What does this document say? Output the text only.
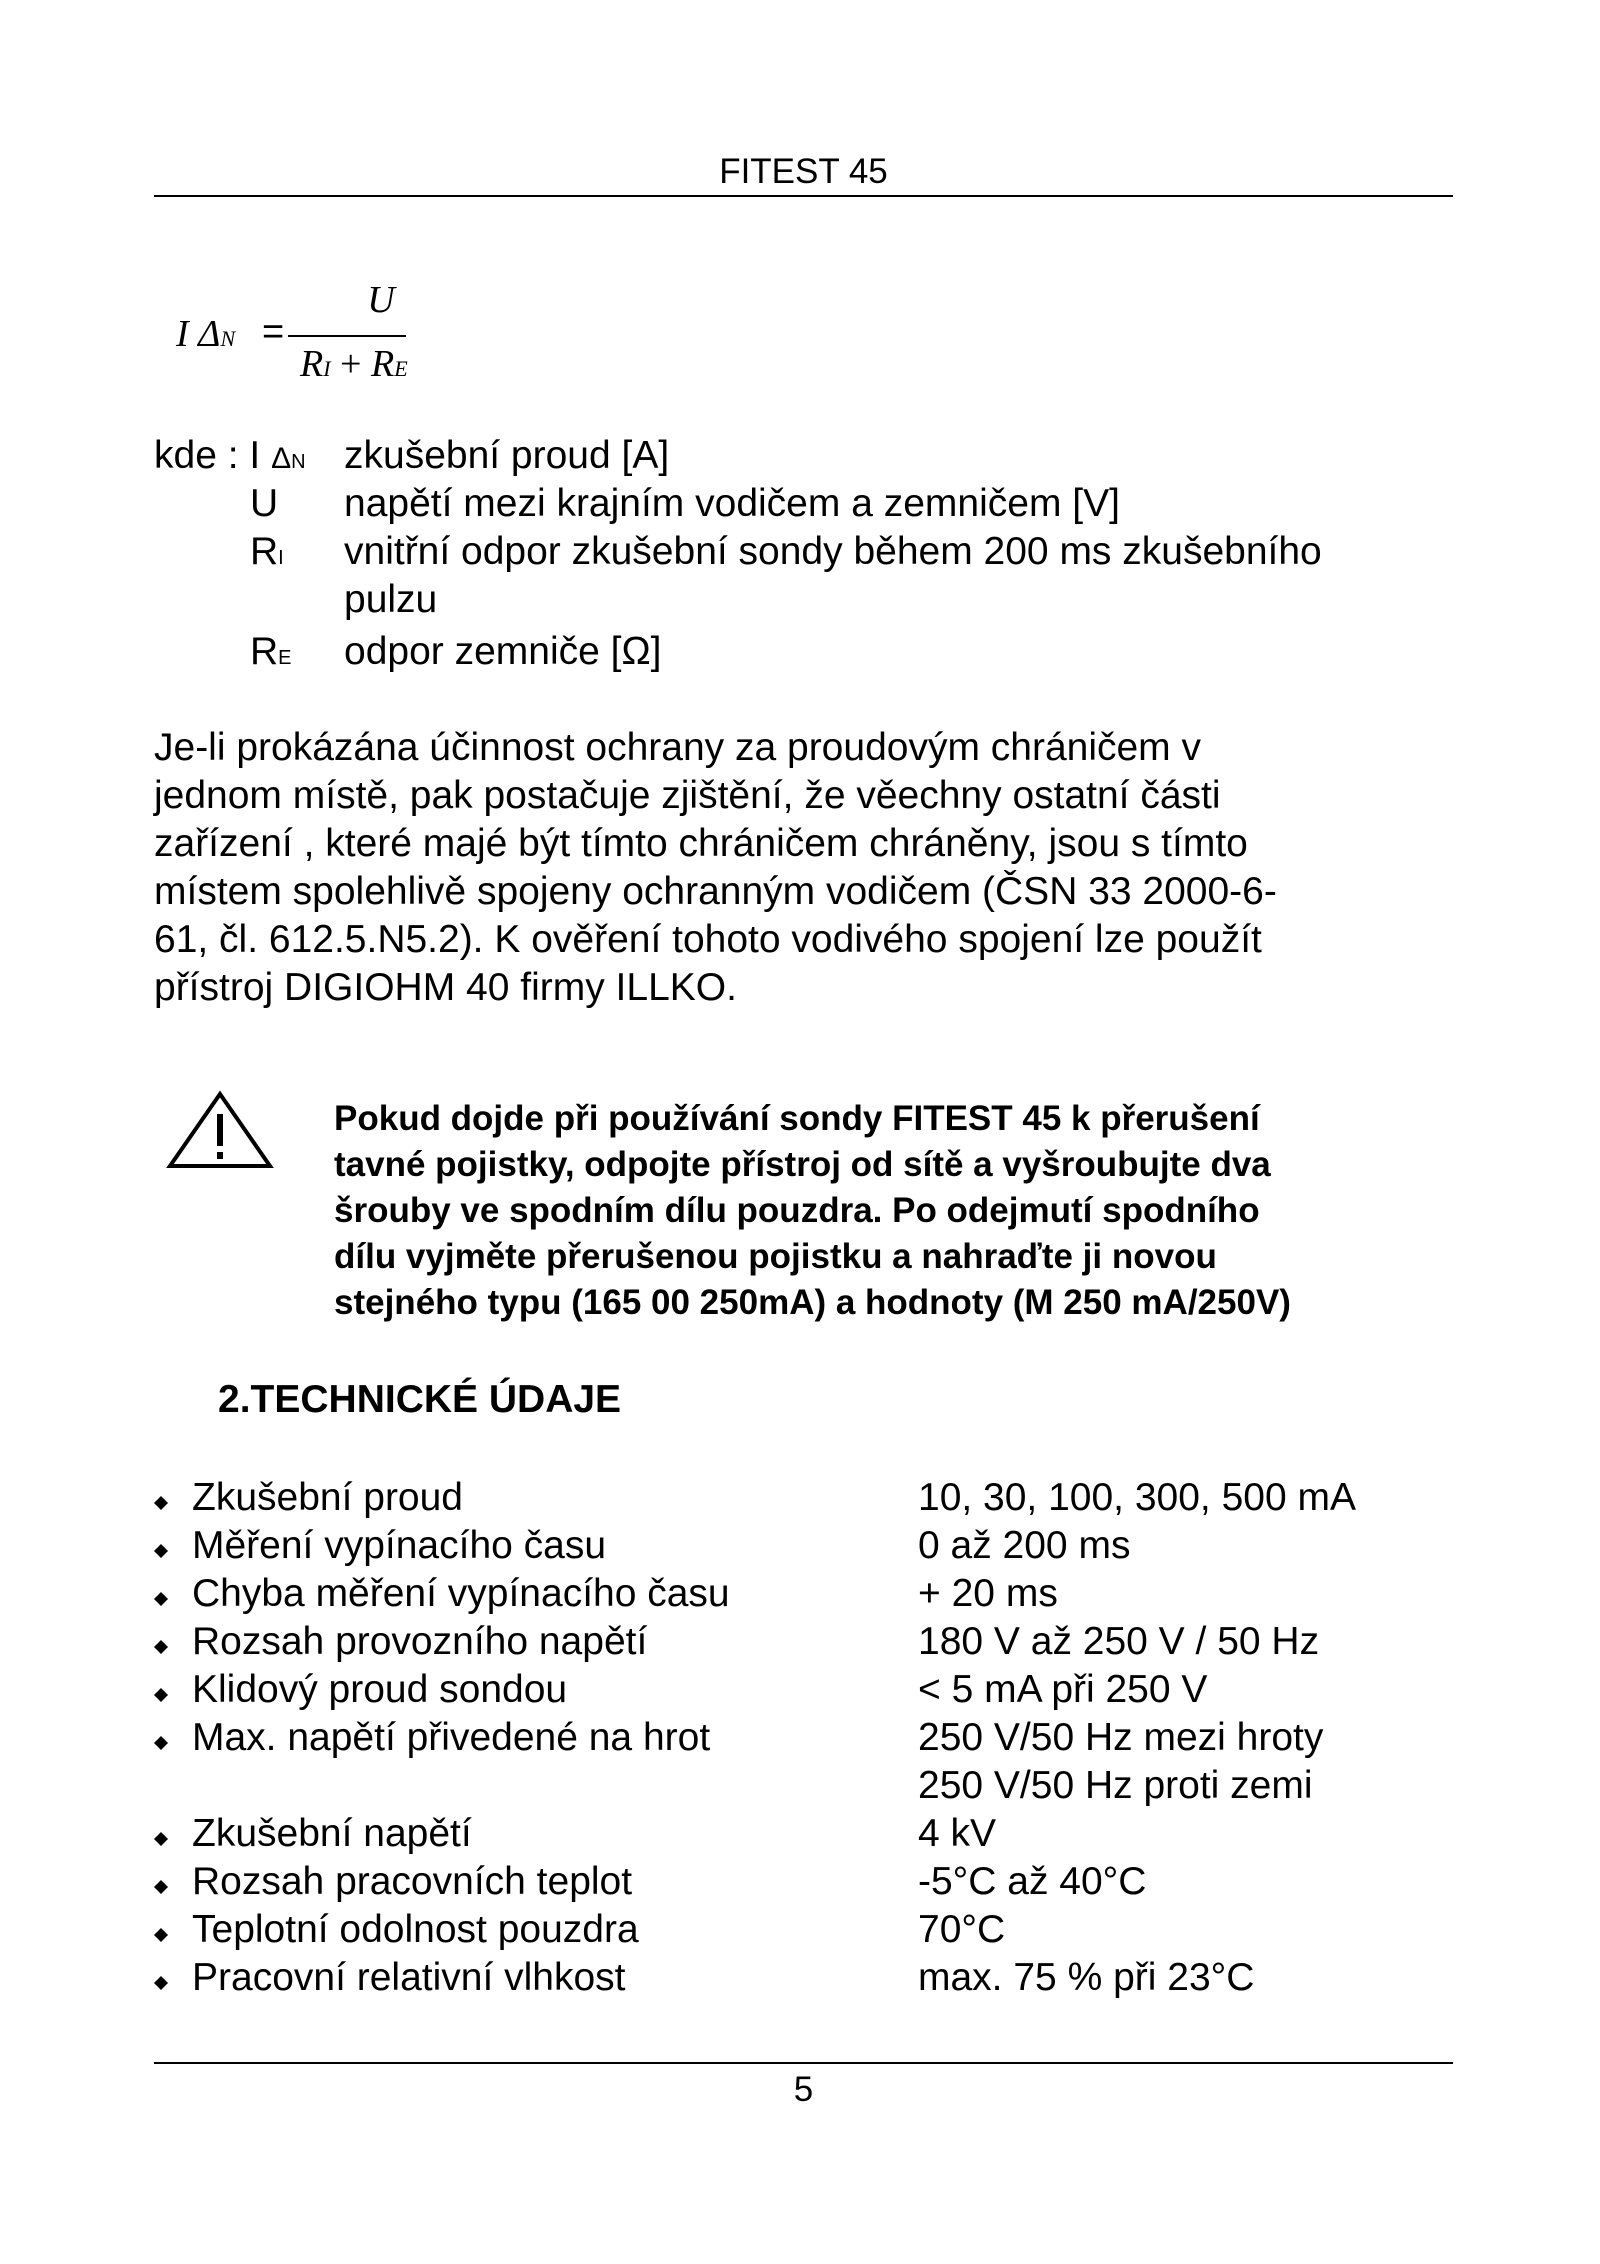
FITEST 45
I ΔN =
U
RI + RE
kde : I ΔN zkušební proud [A]
U napětí mezi krajním vodičem a zemničem [V]
RI vnitřní odpor zkušební sondy během 200 ms zkušebního
pulzu
RE odpor zemniče [Ω]
Je-li prokázána účinnost ochrany za proudovým chráničem v
jednom místě, pak postačuje zjištění, že věechny ostatní části
zařízení , které majé být tímto chráničem chráněny, jsou s tímto
místem spolehlivě spojeny ochranným vodičem (ČSN 33 2000-6-
61, čl. 612.5.N5.2). K ověření tohoto vodivého spojení lze použít
přístroj DIGIOHM 40 firmy ILLKO.
Pokud dojde při používání sondy FITEST 45 k přerušení
tavné pojistky, odpojte přístroj od sítě a vyšroubujte dva
šrouby ve spodním dílu pouzdra. Po odejmutí spodního
dílu vyjměte přerušenou pojistku a nahraďte ji novou
stejného typu (165 00 250mA) a hodnoty (M 250 mA/250V)
2.TECHNICKÉ ÚDAJE
Zkušební proud	10, 30, 100, 300, 500 mA
Měření vypínacího času	0 až 200 ms
Chyba měření vypínacího času	+ 20 ms
Rozsah provozního napětí	180 V až 250 V / 50 Hz
Klidový proud sondou	< 5 mA při 250 V
Max. napětí přivedené na hrot	250 V/50 Hz mezi hroty
250 V/50 Hz proti zemi
Zkušební napětí	4 kV
Rozsah pracovních teplot	-5°C až 40°C
Teplotní odolnost pouzdra	70°C
Pracovní relativní vlhkost	max. 75 % při 23°C
5
